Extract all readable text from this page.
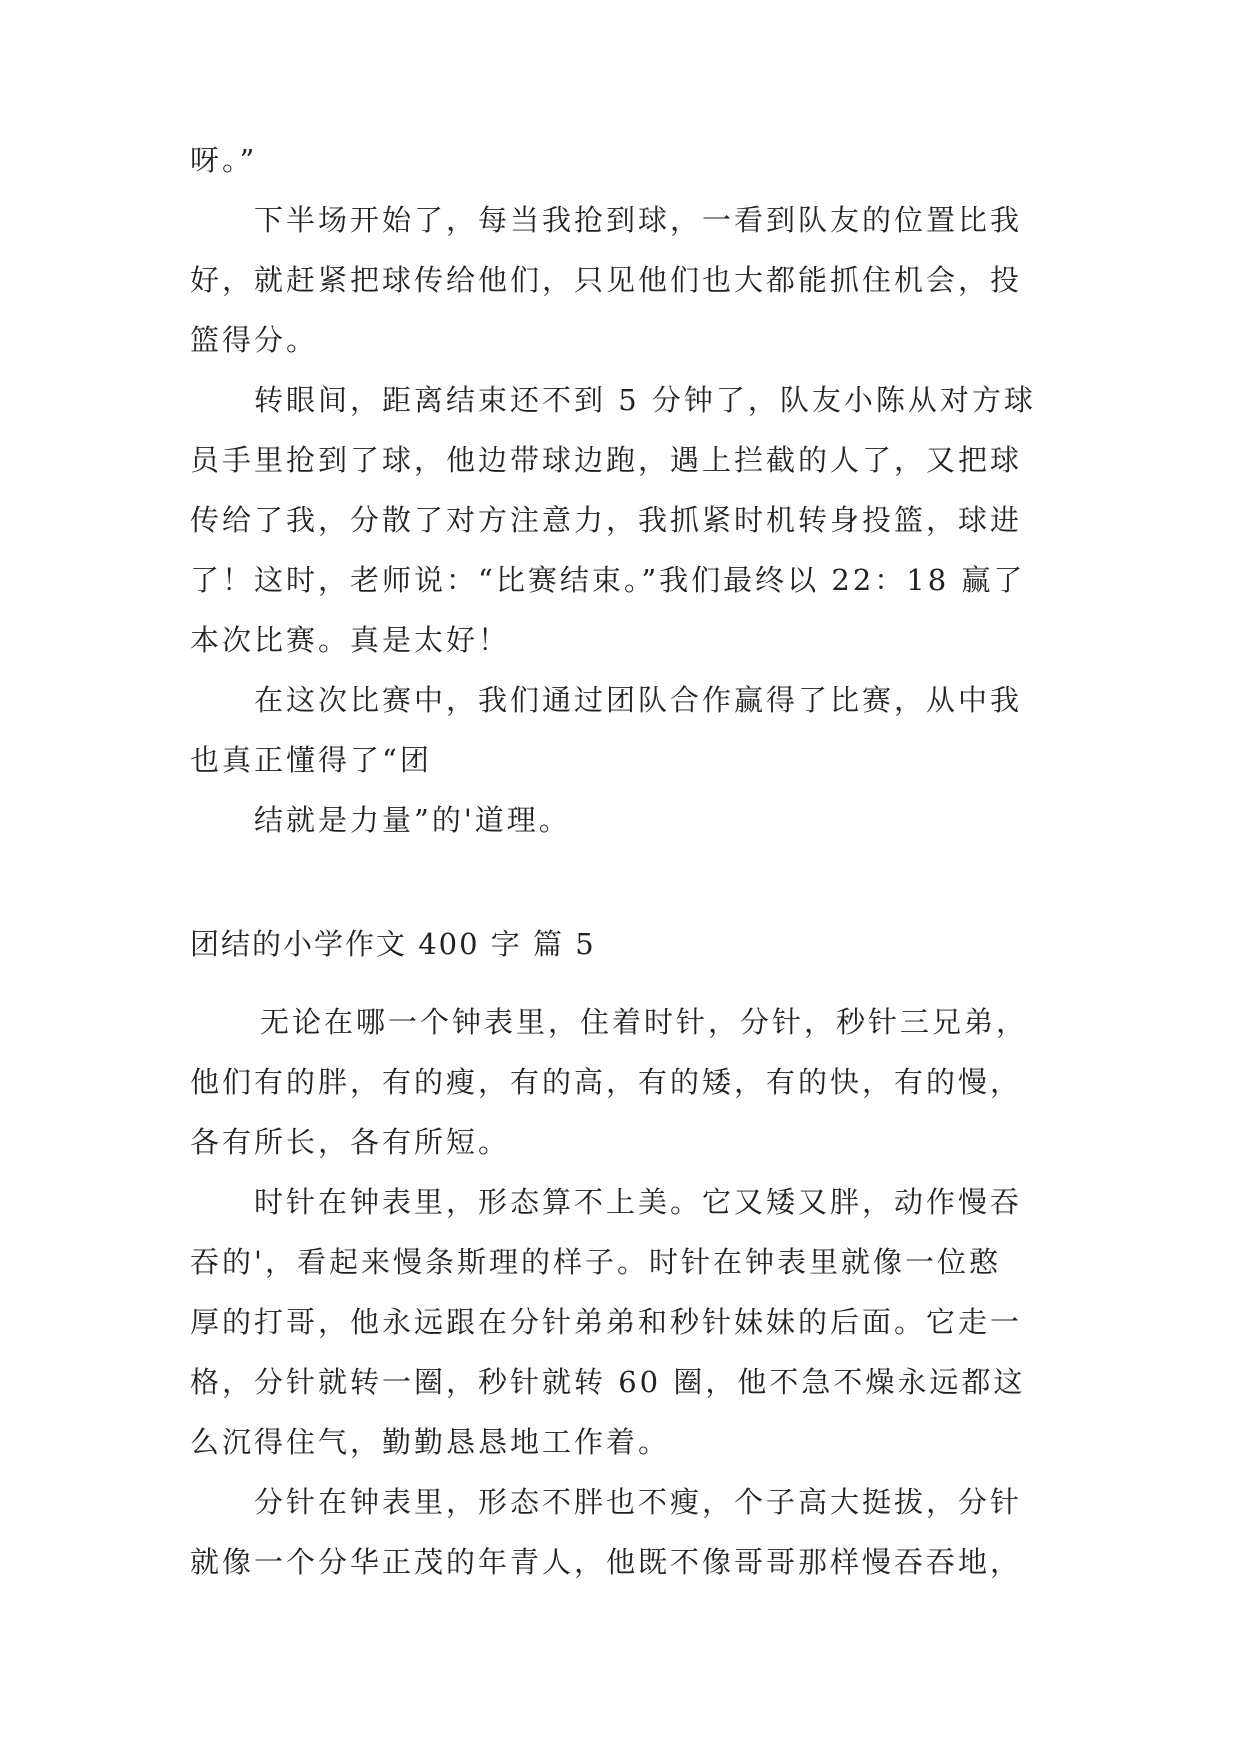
呀。”
下半场开始了，每当我抢到球，一看到队友的位置比我
好，就赶紧把球传给他们，只见他们也大都能抓住机会，投
篮得分。
转眼间，距离结束还不到 5 分钟了，队友小陈从对方球
员手里抢到了球，他边带球边跑，遇上拦截的人了，又把球
传给了我，分散了对方注意力，我抓紧时机转身投篮，球进
了！这时，老师说：“比赛结束。”我们最终以 22：18 赢了
本次比赛。真是太好！
在这次比赛中，我们通过团队合作赢得了比赛，从中我
也真正懂得了“团
结就是力量”的'道理。
团结的小学作文 400 字 篇 5
无论在哪一个钟表里，住着时针，分针，秒针三兄弟，
他们有的胖，有的瘦，有的高，有的矮，有的快，有的慢，
各有所长，各有所短。
时针在钟表里，形态算不上美。它又矮又胖，动作慢吞
吞的'，看起来慢条斯理的样子。时针在钟表里就像一位憨
厚的打哥，他永远跟在分针弟弟和秒针妹妹的后面。它走一
格，分针就转一圈，秒针就转 60 圈，他不急不燥永远都这
么沉得住气，勤勤恳恳地工作着。
分针在钟表里，形态不胖也不瘦，个子高大挺拔，分针
就像一个分华正茂的年青人，他既不像哥哥那样慢吞吞地，
